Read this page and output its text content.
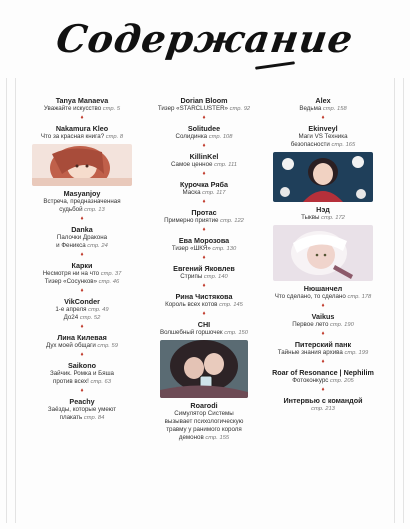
Содержание
Tanya Manaeva
Уважайте искусство стр. 5
♦
Nakamura Kleo
Что за красная книга? стр. 8
Masyanjoy
Встреча, предназначенная
судьбой стр. 13
♦
Danka
Палочки Дракона
и Феникса стр. 24
♦
Карки
Несмотря ни на что стр. 37
Тизер «Сосунков» стр. 46
♦
VikConder
1-е апреля стр. 49
До24 стр. 52
♦
Лина Килевая
Дух моей общаги стр. 59
♦
Saikono
Зайчик. Ромка и Бяша
против всех! стр. 63
♦
Peachy
Заёзды, которые умеют
плакать стр. 84
Dorian Bloom
Тизер «STARCLUSTER» стр. 92
♦
Solitudee
Солидинка стр. 108
♦
KillinKel
Самое ценное стр. 111
♦
Курочка Ряба
Маска стр. 117
♦
Протас
Примерно приятие стр. 122
♦
Ева Морозова
Тизер «ШКЯ» стр. 130
♦
Евгений Яковлев
Стрипы стр. 140
♦
Рина Чистякова
Король всех котов стр. 145
♦
CHI
Волшебный горшочек стр. 150
Roarodi
Симулятор Системы
вызывает психологическую
травму у ранимого короля
демонов стр. 155
Alex
Ведьма стр. 158
♦
Ekinveyl
Маги VS Техника
безопасности стр. 165
Нэд
Тыквы стр. 172
Нюшанчел
Что сделано, то сделано стр. 178
♦
Vaikus
Первое лето стр. 190
♦
Питерский панк
Тайные знания архива стр. 199
♦
Roar of Resonance | Nephilim
Фотоконкурс стр. 205
♦
Интервью с командой
стр. 213
